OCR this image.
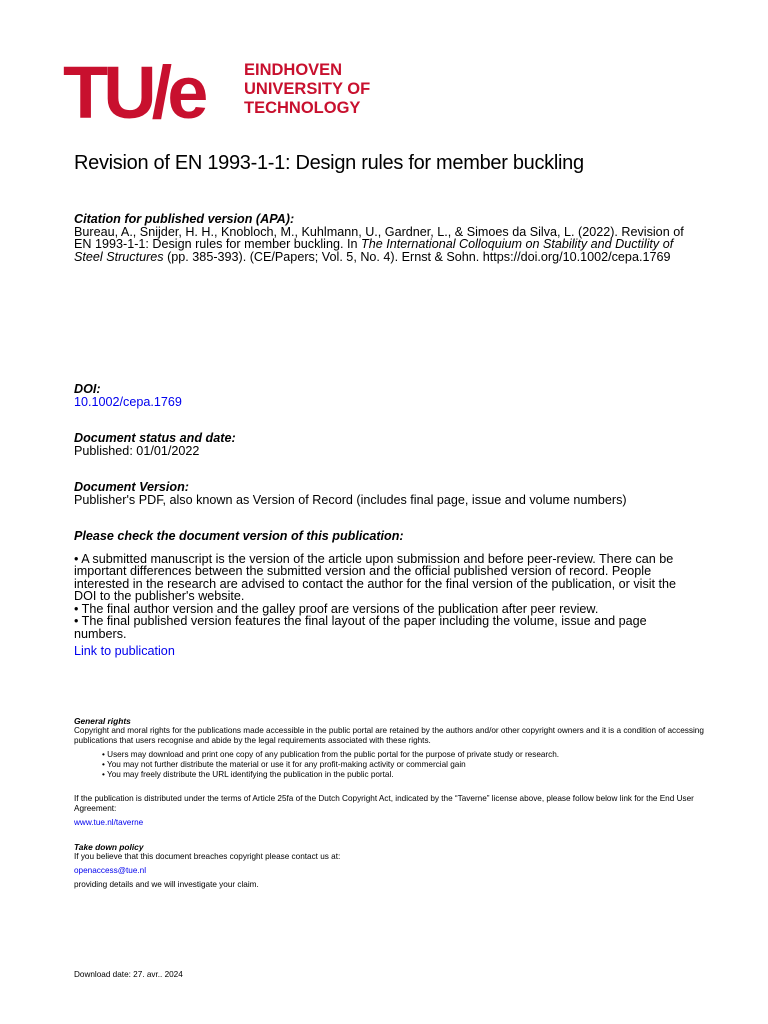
TU/e EINDHOVEN
UNIVERSITY OF
TECHNOLOGY
Revision of EN 1993-1-1: Design rules for member buckling
Citation for published version (APA):
Bureau, A., Snijder, H. H., Knobloch, M., Kuhlmann, U., Gardner, L., & Simoes da Silva, L. (2022). Revision of EN 1993-1-1: Design rules for member buckling. In The International Colloquium on Stability and Ductility of Steel Structures (pp. 385-393). (CE/Papers; Vol. 5, No. 4). Ernst & Sohn. https://doi.org/10.1002/cepa.1769
DOI:
10.1002/cepa.1769
Document status and date:
Published: 01/01/2022
Document Version:
Publisher's PDF, also known as Version of Record (includes final page, issue and volume numbers)
Please check the document version of this publication:
• A submitted manuscript is the version of the article upon submission and before peer-review. There can be important differences between the submitted version and the official published version of record. People interested in the research are advised to contact the author for the final version of the publication, or visit the DOI to the publisher's website.
• The final author version and the galley proof are versions of the publication after peer review.
• The final published version features the final layout of the paper including the volume, issue and page numbers.
Link to publication
General rights
Copyright and moral rights for the publications made accessible in the public portal are retained by the authors and/or other copyright owners and it is a condition of accessing publications that users recognise and abide by the legal requirements associated with these rights.
• Users may download and print one copy of any publication from the public portal for the purpose of private study or research.
• You may not further distribute the material or use it for any profit-making activity or commercial gain
• You may freely distribute the URL identifying the publication in the public portal.
If the publication is distributed under the terms of Article 25fa of the Dutch Copyright Act, indicated by the “Taverne” license above, please follow below link for the End User Agreement:
www.tue.nl/taverne
Take down policy
If you believe that this document breaches copyright please contact us at:
openaccess@tue.nl
providing details and we will investigate your claim.
Download date: 27. avr.. 2024
